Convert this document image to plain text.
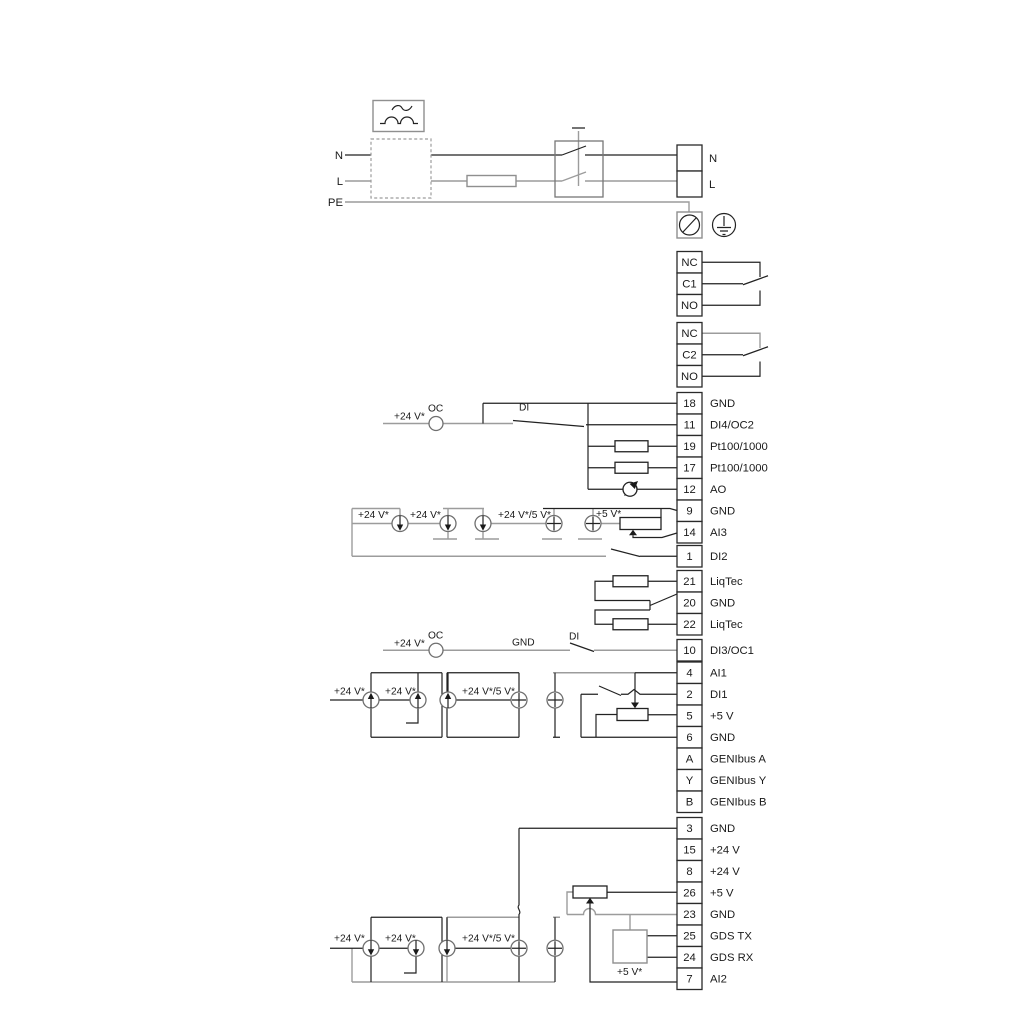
N
L
PE
N
L
NC
C1
NO
NC
C2
NO
18 GND
11 DI4/OC2
19 Pt100/1000
17 Pt100/1000
12 AO
9 GND
14 AI3
1 DI2
21 LiqTec
20 GND
22 LiqTec
10 DI3/OC1
4 AI1
2 DI1
5 +5 V
6 GND
A GENIbus A
Y GENIbus Y
B GENIbus B
3 GND
15 +24 V
8 +24 V
26 +5 V
23 GND
25 GDS TX
24 GDS RX
7 AI2
+24 V*
OC	DI
+24 V* +24 V*	+24 V*/5 V*	+5 V*
+24 V*
OC
GND
DI
+24 V* +24 V*	+24 V*/5 V*
+24 V* +24 V*	+24 V*/5 V*
+5 V*
